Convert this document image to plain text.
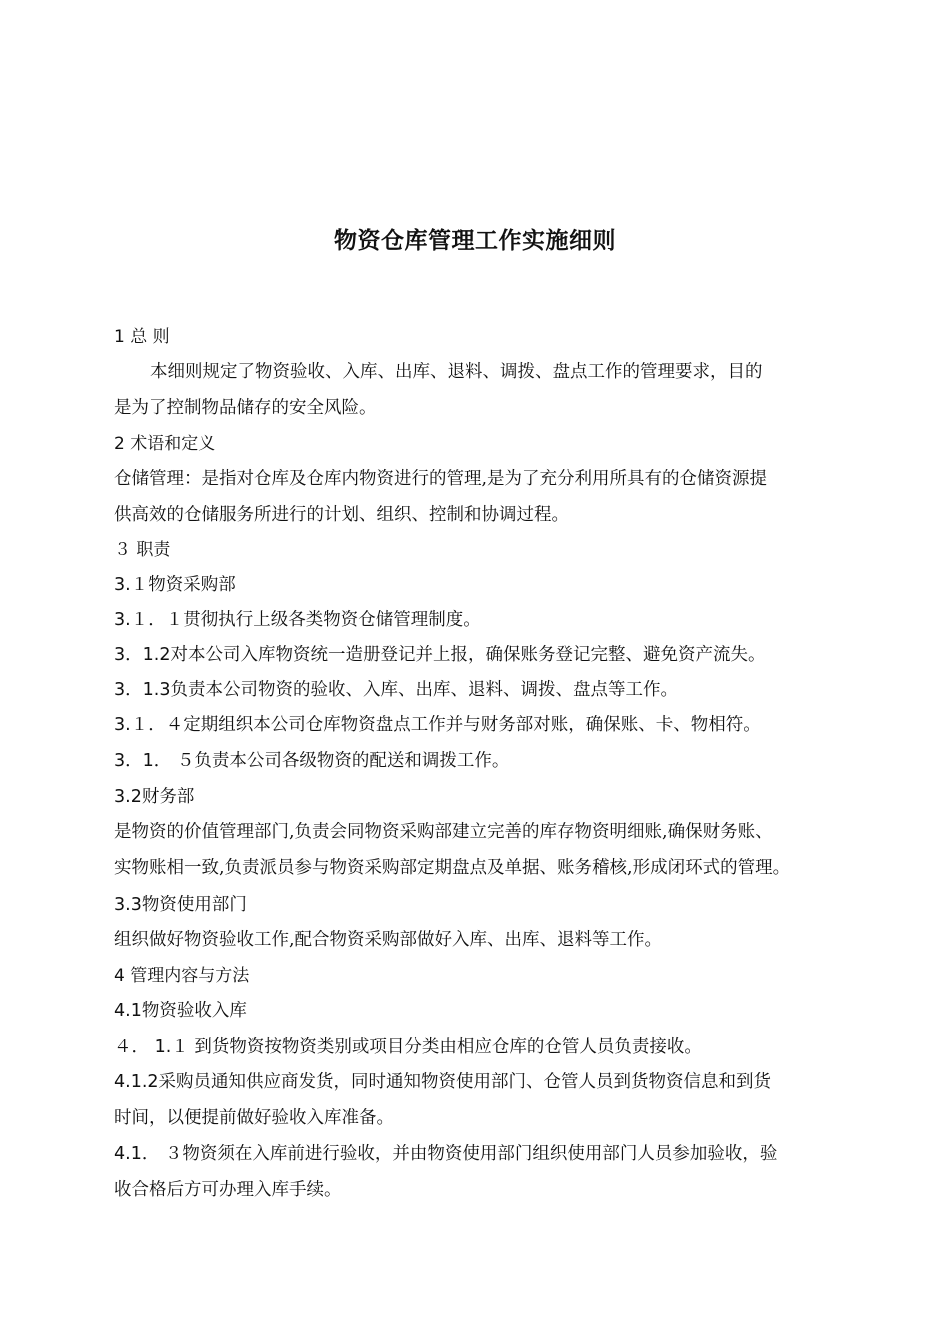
物资仓库管理工作实施细则
1 总 则
本细则规定了物资验收、入库、出库、退料、调拨、盘点工作的管理要求，目的
是为了控制物品储存的安全风险。
2 术语和定义
仓储管理：是指对仓库及仓库内物资进行的管理,是为了充分利用所具有的仓储资源提
供高效的仓储服务所进行的计划、组织、控制和协调过程。
３ 职责
3.１物资采购部
3.１．１贯彻执行上级各类物资仓储管理制度。
3．1.2对本公司入库物资统一造册登记并上报，确保账务登记完整、避免资产流失。
3．1.3负责本公司物资的验收、入库、出库、退料、调拨、盘点等工作。
3.１．４定期组织本公司仓库物资盘点工作并与财务部对账，确保账、卡、物相符。
3．1． ５负责本公司各级物资的配送和调拨工作。
3.2财务部
是物资的价值管理部门,负责会同物资采购部建立完善的库存物资明细账,确保财务账、
实物账相一致,负责派员参与物资采购部定期盘点及单据、账务稽核,形成闭环式的管理。
3.3物资使用部门
组织做好物资验收工作,配合物资采购部做好入库、出库、退料等工作。
4 管理内容与方法
4.1物资验收入库
４． 1.１ 到货物资按物资类别或项目分类由相应仓库的仓管人员负责接收。
4.1.2采购员通知供应商发货，同时通知物资使用部门、仓管人员到货物资信息和到货
时间，以便提前做好验收入库准备。
4.1． ３物资须在入库前进行验收，并由物资使用部门组织使用部门人员参加验收，验
收合格后方可办理入库手续。
